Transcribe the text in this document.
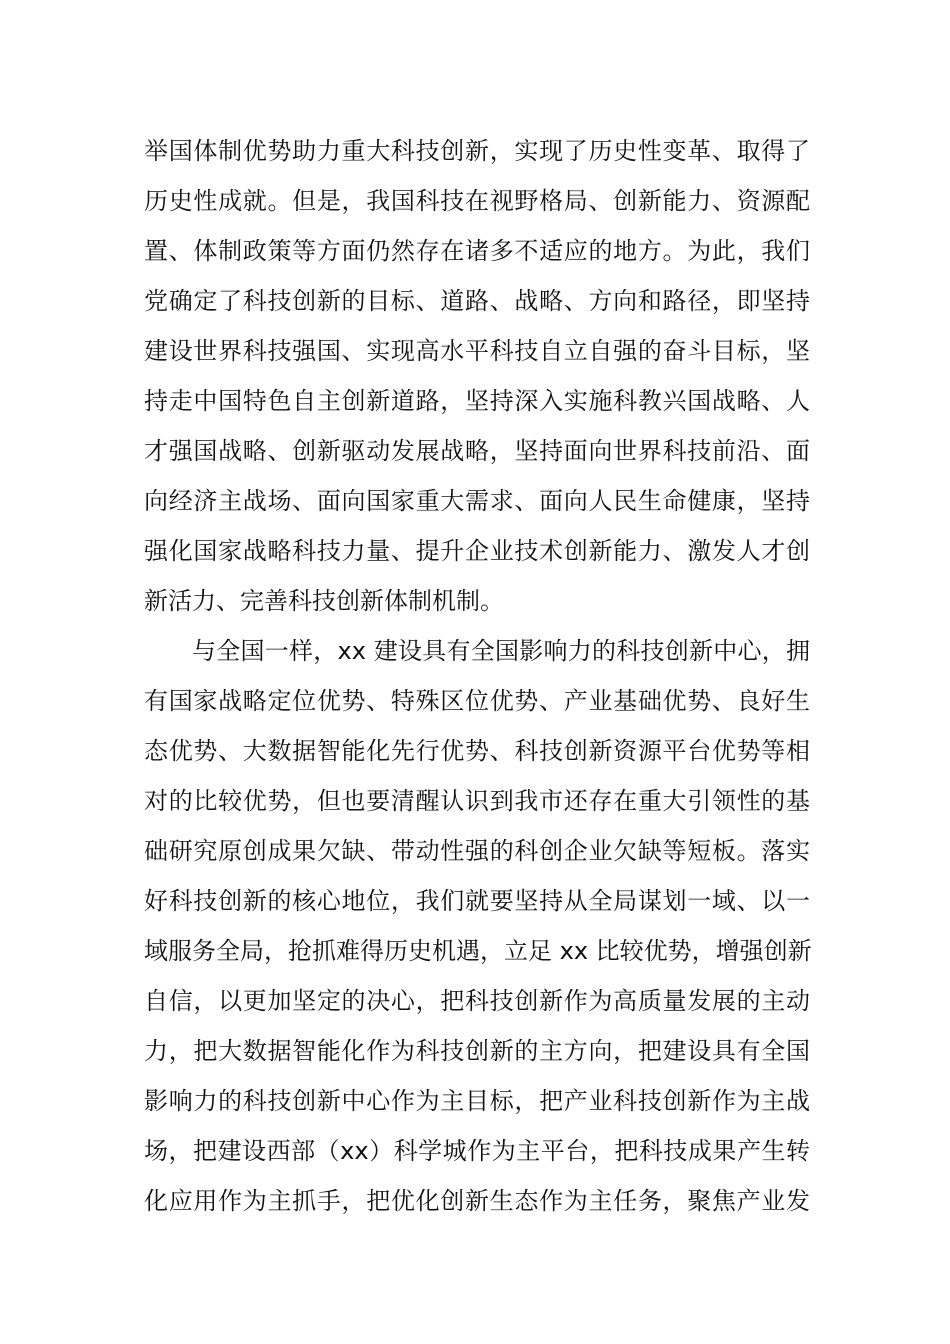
举国体制优势助力重大科技创新，实现了历史性变革、取得了
历史性成就。但是，我国科技在视野格局、创新能力、资源配
置、体制政策等方面仍然存在诸多不适应的地方。为此，我们
党确定了科技创新的目标、道路、战略、方向和路径，即坚持
建设世界科技强国、实现高水平科技自立自强的奋斗目标，坚
持走中国特色自主创新道路，坚持深入实施科教兴国战略、人
才强国战略、创新驱动发展战略，坚持面向世界科技前沿、面
向经济主战场、面向国家重大需求、面向人民生命健康，坚持
强化国家战略科技力量、提升企业技术创新能力、激发人才创
新活力、完善科技创新体制机制。
与全国一样，xx 建设具有全国影响力的科技创新中心，拥
有国家战略定位优势、特殊区位优势、产业基础优势、良好生
态优势、大数据智能化先行优势、科技创新资源平台优势等相
对的比较优势，但也要清醒认识到我市还存在重大引领性的基
础研究原创成果欠缺、带动性强的科创企业欠缺等短板。落实
好科技创新的核心地位，我们就要坚持从全局谋划一域、以一
域服务全局，抢抓难得历史机遇，立足 xx 比较优势，增强创新
自信，以更加坚定的决心，把科技创新作为高质量发展的主动
力，把大数据智能化作为科技创新的主方向，把建设具有全国
影响力的科技创新中心作为主目标，把产业科技创新作为主战
场，把建设西部（xx）科学城作为主平台，把科技成果产生转
化应用作为主抓手，把优化创新生态作为主任务，聚焦产业发
